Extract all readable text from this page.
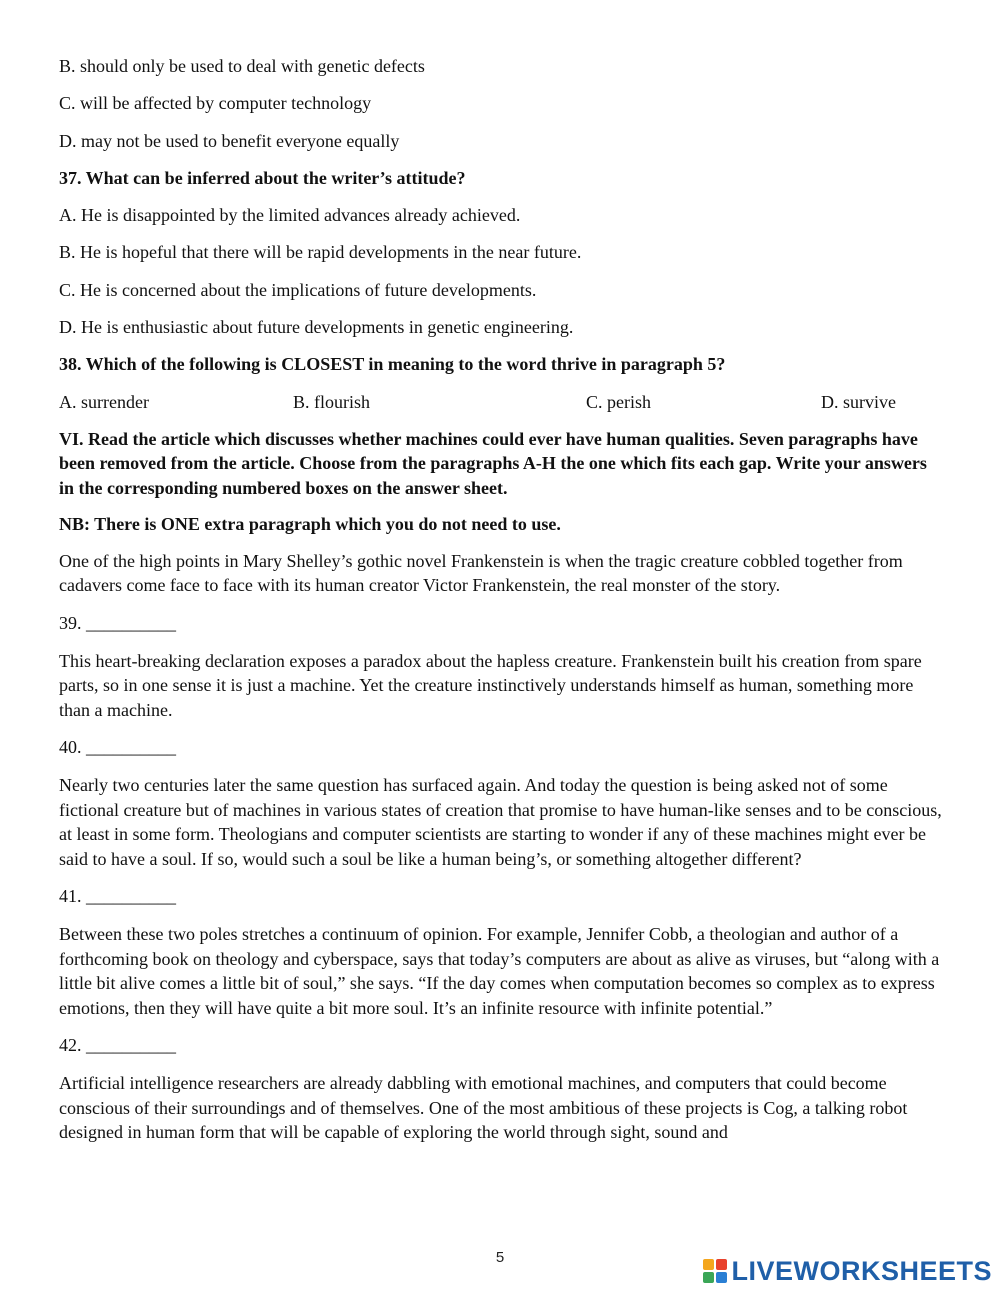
B. should only be used to deal with genetic defects

C. will be affected by computer technology

D. may not be used to benefit everyone equally

37. What can be inferred about the writer’s attitude?

A. He is disappointed by the limited advances already achieved.

B. He is hopeful that there will be rapid developments in the near future.

C. He is concerned about the implications of future developments.

D. He is enthusiastic about future developments in genetic engineering.

38. Which of the following is CLOSEST in meaning to the word thrive in paragraph 5?

A. surrender	B. flourish	C. perish	D. survive

VI. Read the article which discusses whether machines could ever have human qualities. Seven paragraphs have been removed from the article. Choose from the paragraphs A-H the one which fits each gap. Write your answers in the corresponding numbered boxes on the answer sheet.

NB: There is ONE extra paragraph which you do not need to use.

One of the high points in Mary Shelley’s gothic novel Frankenstein is when the tragic creature cobbled together from cadavers come face to face with its human creator Victor Frankenstein, the real monster of the story.

39. __________

This heart-breaking declaration exposes a paradox about the hapless creature. Frankenstein built his creation from spare parts, so in one sense it is just a machine. Yet the creature instinctively understands himself as human, something more than a machine.

40. __________

Nearly two centuries later the same question has surfaced again. And today the question is being asked not of some fictional creature but of machines in various states of creation that promise to have human-like senses and to be conscious, at least in some form. Theologians and computer scientists are starting to wonder if any of these machines might ever be said to have a soul. If so, would such a soul be like a human being’s, or something altogether different?

41. __________

Between these two poles stretches a continuum of opinion. For example, Jennifer Cobb, a theologian and author of a forthcoming book on theology and cyberspace, says that today’s computers are about as alive as viruses, but “along with a little bit alive comes a little bit of soul,” she says. “If the day comes when computation becomes so complex as to express emotions, then they will have quite a bit more soul. It’s an infinite resource with infinite potential.”

42. __________

Artificial intelligence researchers are already dabbling with emotional machines, and computers that could become conscious of their surroundings and of themselves. One of the most ambitious of these projects is Cog, a talking robot designed in human form that will be capable of exploring the world through sight, sound and

5	LIVEWORKSHEETS
